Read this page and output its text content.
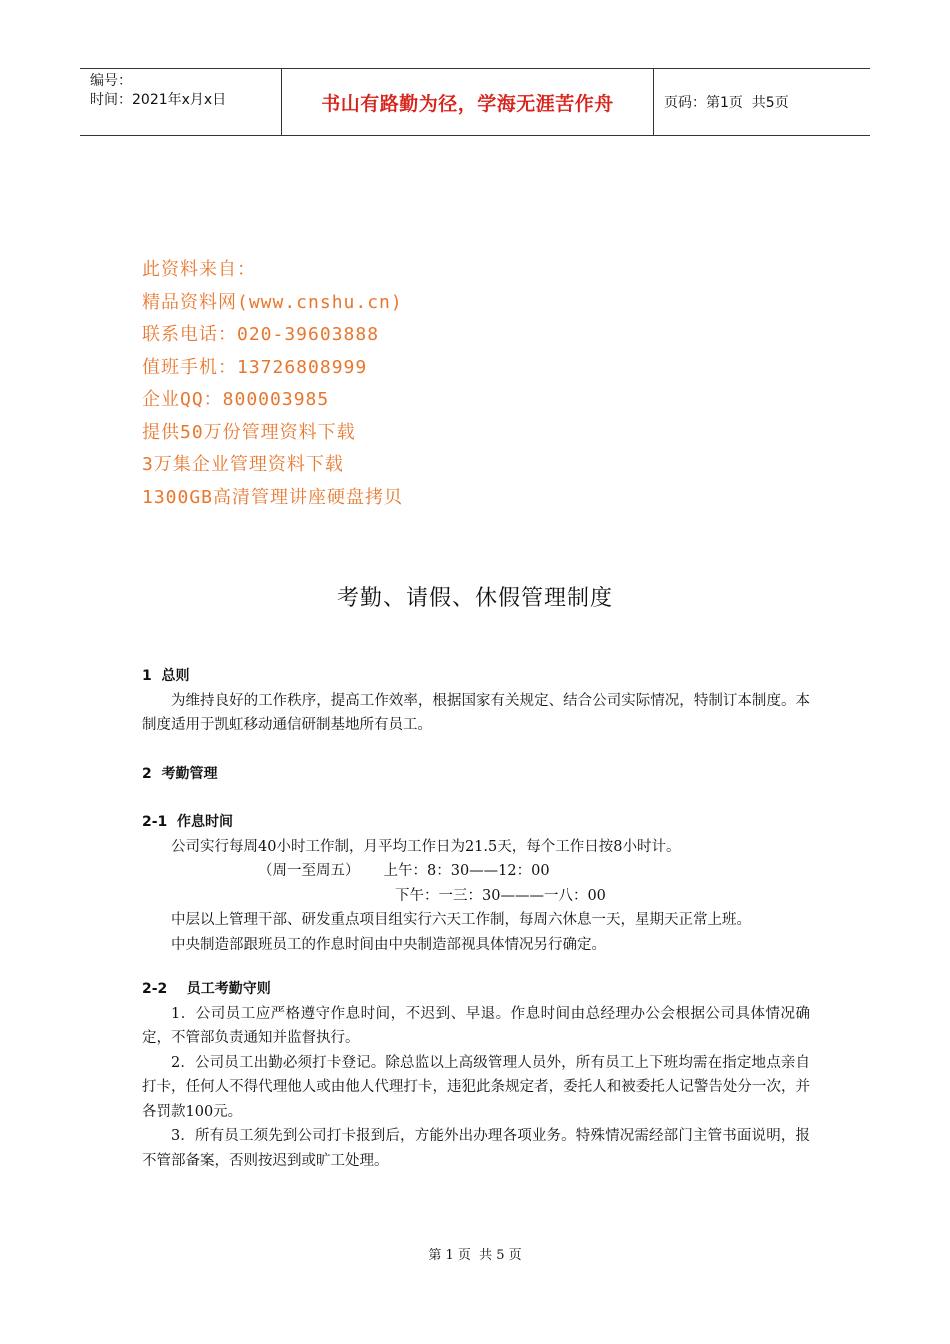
编号：
时间：2021年x月x日	书山有路勤为径，学海无涯苦作舟	页码：第1页  共5页
此资料来自：
精品资料网(www.cnshu.cn)
联系电话：020-39603888
值班手机：13726808999
企业QQ：800003985
提供50万份管理资料下载
3万集企业管理资料下载
1300GB高清管理讲座硬盘拷贝
考勤、请假、休假管理制度
1  总则
为维持良好的工作秩序，提高工作效率，根据国家有关规定、结合公司实际情况，特制订本制度。本制度适用于凯虹移动通信研制基地所有员工。
2  考勤管理
2-1  作息时间
公司实行每周40小时工作制，月平均工作日为21.5天，每个工作日按8小时计。
（周一至周五） 上午：8：30——12：00
下午：一三：30———一八：00
中层以上管理干部、研发重点项目组实行六天工作制，每周六休息一天，星期天正常上班。
中央制造部跟班员工的作息时间由中央制造部视具体情况另行确定。
2-2    员工考勤守则
1．公司员工应严格遵守作息时间，不迟到、早退。作息时间由总经理办公会根据公司具体情况确定，不管部负责通知并监督执行。
2．公司员工出勤必须打卡登记。除总监以上高级管理人员外，所有员工上下班均需在指定地点亲自打卡，任何人不得代理他人或由他人代理打卡，违犯此条规定者，委托人和被委托人记警告处分一次，并各罚款100元。
3．所有员工须先到公司打卡报到后，方能外出办理各项业务。特殊情况需经部门主管书面说明，报不管部备案，否则按迟到或旷工处理。
第 1 页  共 5 页
